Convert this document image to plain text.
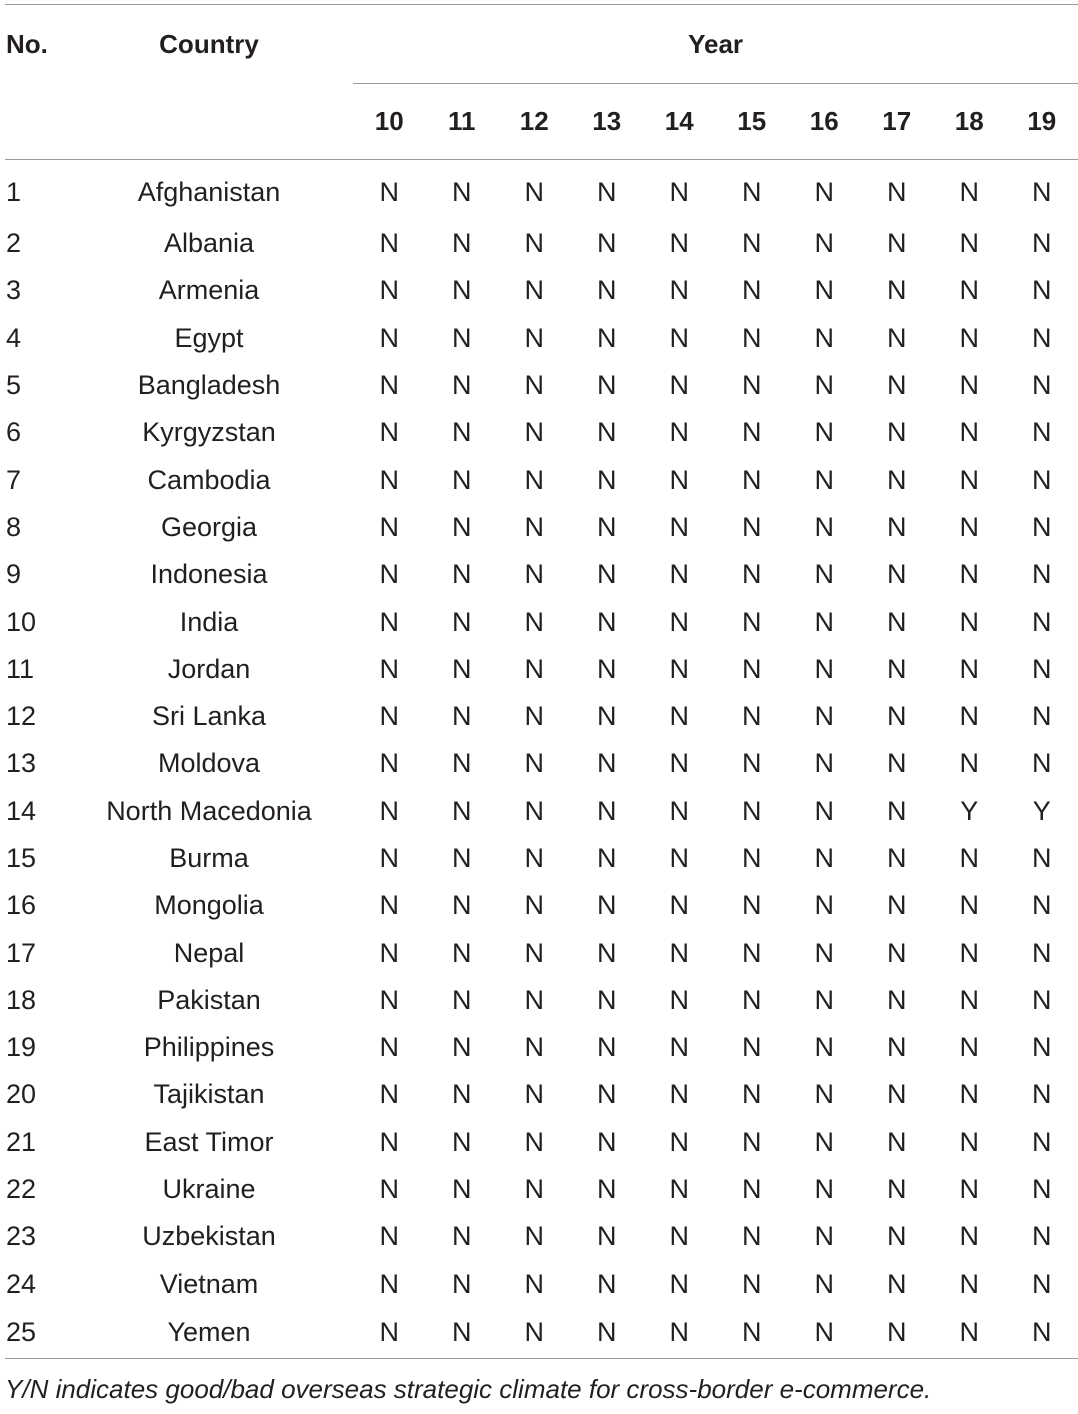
No.	Country	Year									
		10	11	12	13	14	15	16	17	18	19
1	Afghanistan	N	N	N	N	N	N	N	N	N	N
2	Albania	N	N	N	N	N	N	N	N	N	N
3	Armenia	N	N	N	N	N	N	N	N	N	N
4	Egypt	N	N	N	N	N	N	N	N	N	N
5	Bangladesh	N	N	N	N	N	N	N	N	N	N
6	Kyrgyzstan	N	N	N	N	N	N	N	N	N	N
7	Cambodia	N	N	N	N	N	N	N	N	N	N
8	Georgia	N	N	N	N	N	N	N	N	N	N
9	Indonesia	N	N	N	N	N	N	N	N	N	N
10	India	N	N	N	N	N	N	N	N	N	N
11	Jordan	N	N	N	N	N	N	N	N	N	N
12	Sri Lanka	N	N	N	N	N	N	N	N	N	N
13	Moldova	N	N	N	N	N	N	N	N	N	N
14	North Macedonia	N	N	N	N	N	N	N	N	Y	Y
15	Burma	N	N	N	N	N	N	N	N	N	N
16	Mongolia	N	N	N	N	N	N	N	N	N	N
17	Nepal	N	N	N	N	N	N	N	N	N	N
18	Pakistan	N	N	N	N	N	N	N	N	N	N
19	Philippines	N	N	N	N	N	N	N	N	N	N
20	Tajikistan	N	N	N	N	N	N	N	N	N	N
21	East Timor	N	N	N	N	N	N	N	N	N	N
22	Ukraine	N	N	N	N	N	N	N	N	N	N
23	Uzbekistan	N	N	N	N	N	N	N	N	N	N
24	Vietnam	N	N	N	N	N	N	N	N	N	N
25	Yemen	N	N	N	N	N	N	N	N	N	N
Y/N indicates good/bad overseas strategic climate for cross-border e-commerce.
